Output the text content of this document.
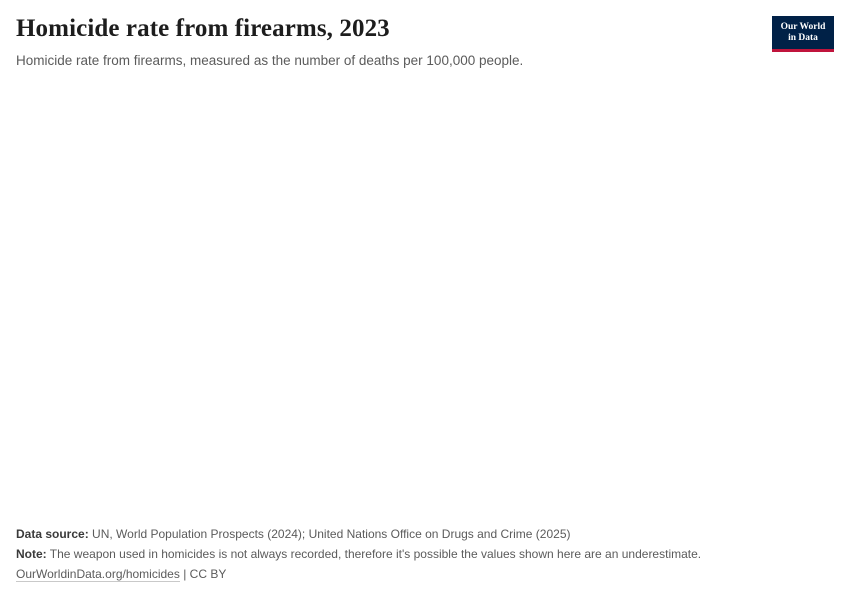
Homicide rate from firearms, 2023

Homicide rate from firearms, measured as the number of deaths per 100,000 people.

Our World
in Data
Data source: UN, World Population Prospects (2024); United Nations Office on Drugs and Crime (2025)
Note: The weapon used in homicides is not always recorded, therefore it's possible the values shown here are an underestimate.
OurWorldinData.org/homicides | CC BY
